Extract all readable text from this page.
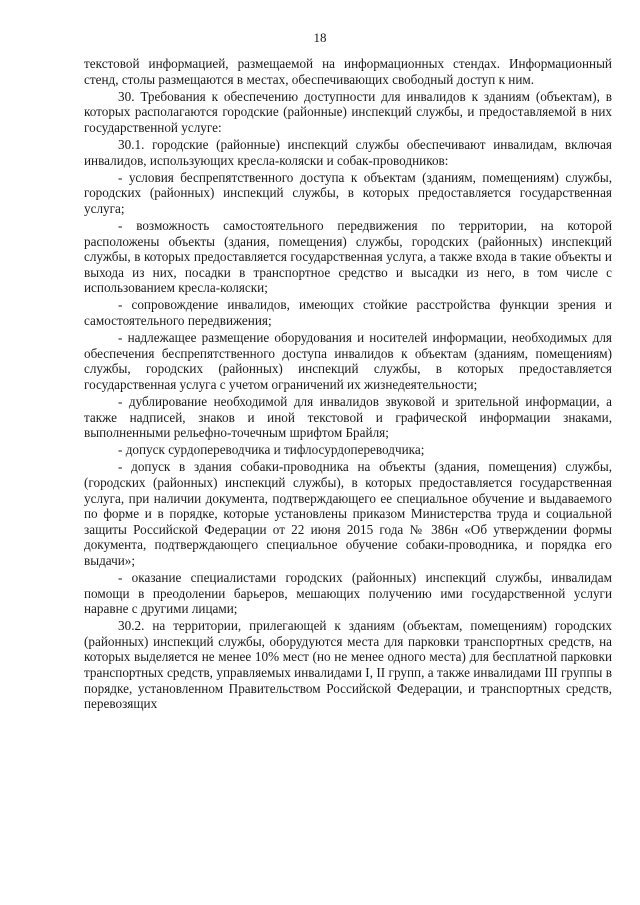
18

текстовой информацией, размещаемой на информационных стендах. Информационный стенд, столы размещаются в местах, обеспечивающих свободный доступ к ним.

30. Требования к обеспечению доступности для инвалидов к зданиям (объектам), в которых располагаются городские (районные) инспекций службы, и предоставляемой в них государственной услуге:

30.1. городские (районные) инспекций службы обеспечивают инвалидам, включая инвалидов, использующих кресла-коляски и собак-проводников:

- условия беспрепятственного доступа к объектам (зданиям, помещениям) службы, городских (районных) инспекций службы, в которых предоставляется государственная услуга;

- возможность самостоятельного передвижения по территории, на которой расположены объекты (здания, помещения) службы, городских (районных) инспекций службы, в которых предоставляется государственная услуга, а также входа в такие объекты и выхода из них, посадки в транспортное средство и высадки из него, в том числе с использованием кресла-коляски;

- сопровождение инвалидов, имеющих стойкие расстройства функции зрения и самостоятельного передвижения;

- надлежащее размещение оборудования и носителей информации, необходимых для обеспечения беспрепятственного доступа инвалидов к объектам (зданиям, помещениям) службы, городских (районных) инспекций службы, в которых предоставляется государственная услуга с учетом ограничений их жизнедеятельности;

- дублирование необходимой для инвалидов звуковой и зрительной информации, а также надписей, знаков и иной текстовой и графической информации знаками, выполненными рельефно-точечным шрифтом Брайля;

- допуск сурдопереводчика и тифлосурдопереводчика;

- допуск в здания собаки-проводника на объекты (здания, помещения) службы, (городских (районных) инспекций службы), в которых предоставляется государственная услуга, при наличии документа, подтверждающего ее специальное обучение и выдаваемого по форме и в порядке, которые установлены приказом Министерства труда и социальной защиты Российской Федерации от 22 июня 2015 года № 386н «Об утверждении формы документа, подтверждающего специальное обучение собаки-проводника, и порядка его выдачи»;

- оказание специалистами городских (районных) инспекций службы, инвалидам помощи в преодолении барьеров, мешающих получению ими государственной услуги наравне с другими лицами;

30.2. на территории, прилегающей к зданиям (объектам, помещениям) городских (районных) инспекций службы, оборудуются места для парковки транспортных средств, на которых выделяется не менее 10% мест (но не менее одного места) для бесплатной парковки транспортных средств, управляемых инвалидами I, II групп, а также инвалидами III группы в порядке, установленном Правительством Российской Федерации, и транспортных средств, перевозящих
